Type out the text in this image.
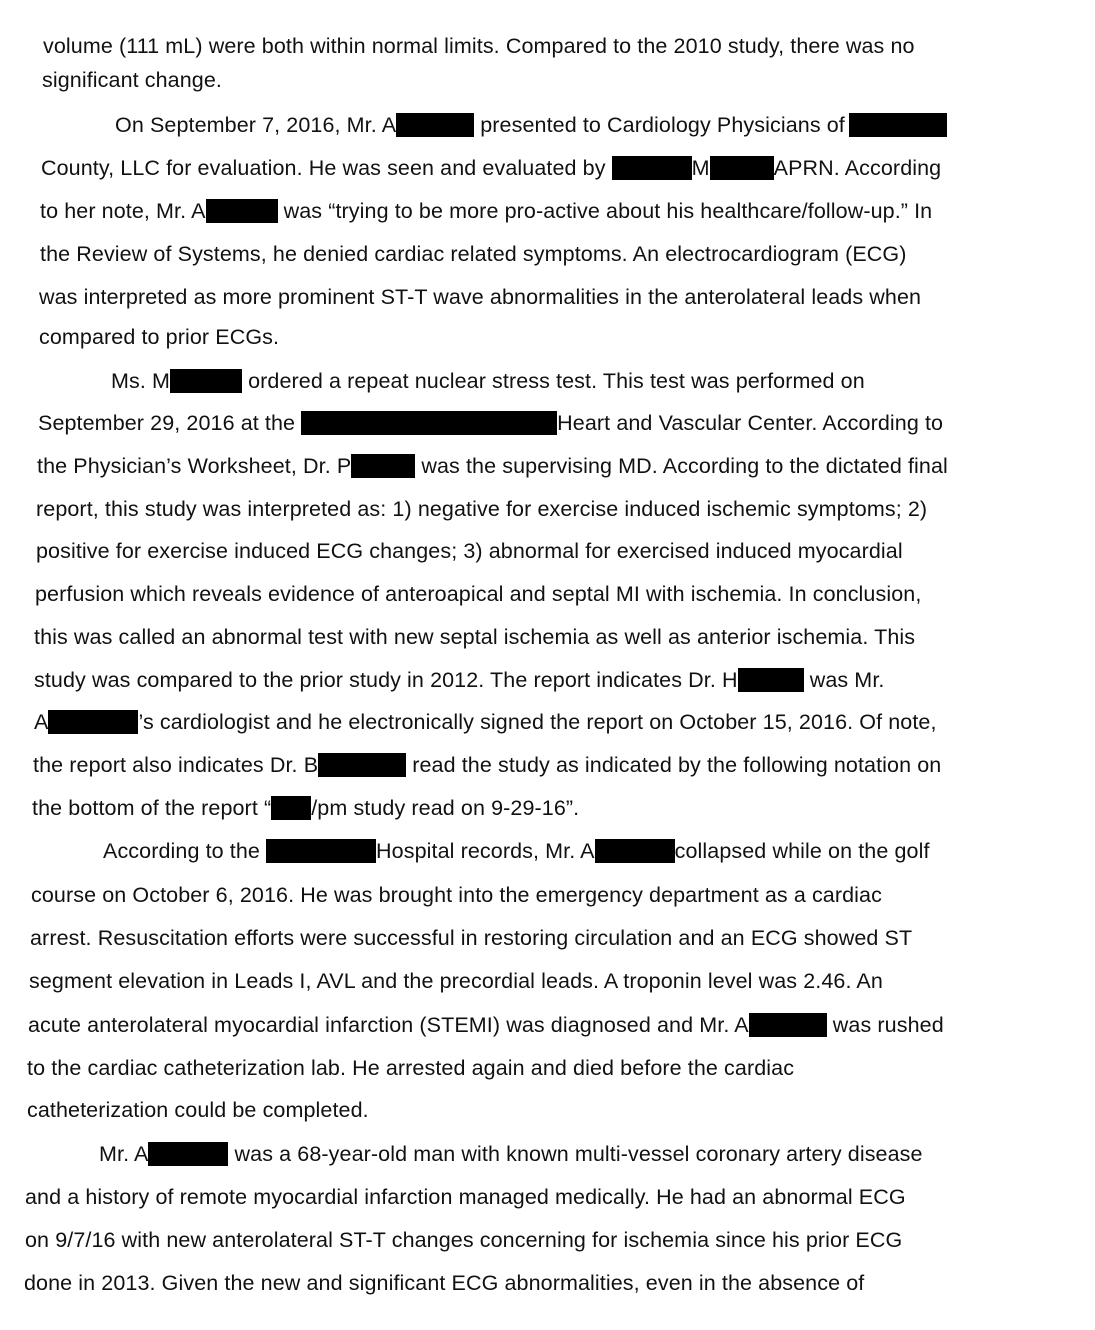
volume (111 mL) were both within normal limits. Compared to the 2010 study, there was no
significant change.
On September 7, 2016, Mr. A	presented to Cardiology Physicians of
County, LLC for evaluation. He was seen and evaluated by	M	APRN. According
to her note, Mr. A	was “trying to be more pro-active about his healthcare/follow-up.” In
the Review of Systems, he denied cardiac related symptoms. An electrocardiogram (ECG)
was interpreted as more prominent ST-T wave abnormalities in the anterolateral leads when
compared to prior ECGs.
Ms. M	ordered a repeat nuclear stress test. This test was performed on
September 29, 2016 at the	Heart and Vascular Center. According to
the Physician’s Worksheet, Dr. P	was the supervising MD. According to the dictated final
report, this study was interpreted as: 1) negative for exercise induced ischemic symptoms; 2)
positive for exercise induced ECG changes; 3) abnormal for exercised induced myocardial
perfusion which reveals evidence of anteroapical and septal MI with ischemia. In conclusion,
this was called an abnormal test with new septal ischemia as well as anterior ischemia. This
study was compared to the prior study in 2012. The report indicates Dr. H	was Mr.
A	’s cardiologist and he electronically signed the report on October 15, 2016. Of note,
the report also indicates Dr. B	read the study as indicated by the following notation on
the bottom of the report “ /pm study read on 9-29-16”.
According to the	Hospital records, Mr. A	collapsed while on the golf
course on October 6, 2016. He was brought into the emergency department as a cardiac
arrest. Resuscitation efforts were successful in restoring circulation and an ECG showed ST
segment elevation in Leads I, AVL and the precordial leads. A troponin level was 2.46. An
acute anterolateral myocardial infarction (STEMI) was diagnosed and Mr. A	was rushed
to the cardiac catheterization lab. He arrested again and died before the cardiac
catheterization could be completed.
Mr. A	was a 68-year-old man with known multi-vessel coronary artery disease
and a history of remote myocardial infarction managed medically. He had an abnormal ECG
on 9/7/16 with new anterolateral ST-T changes concerning for ischemia since his prior ECG
done in 2013. Given the new and significant ECG abnormalities, even in the absence of
